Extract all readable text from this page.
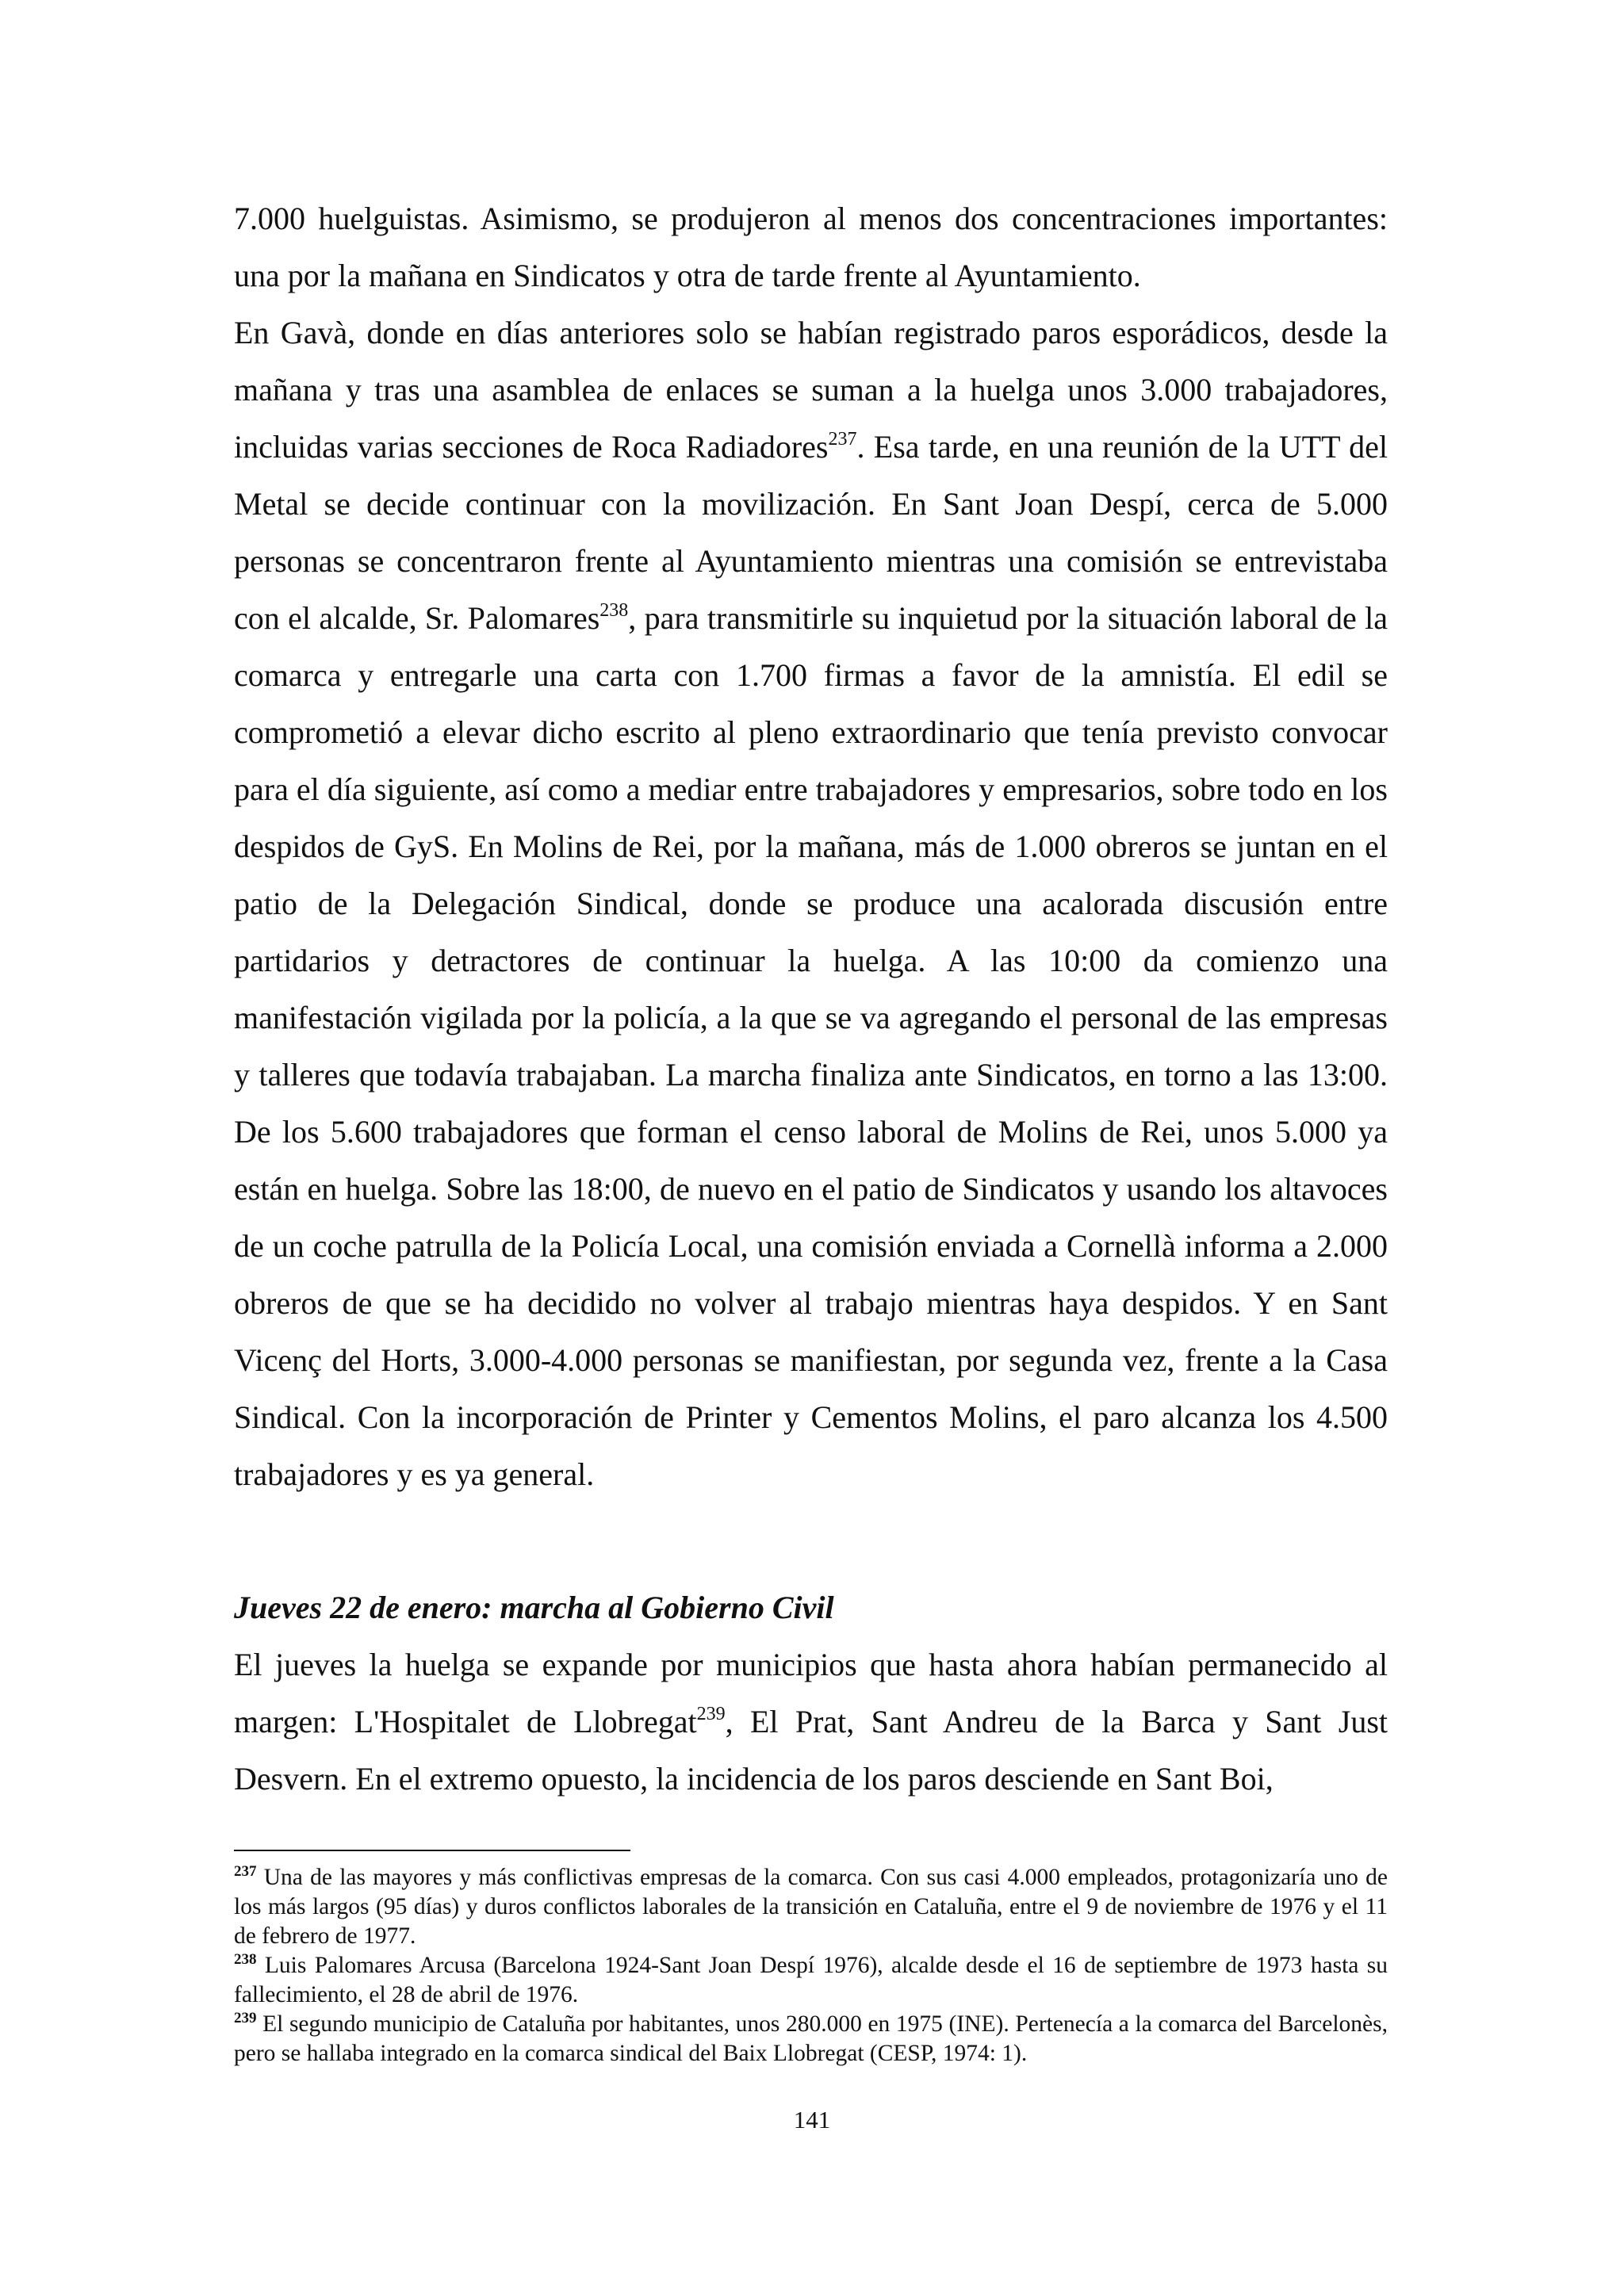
7.000 huelguistas. Asimismo, se produjeron al menos dos concentraciones importantes: una por la mañana en Sindicatos y otra de tarde frente al Ayuntamiento.

En Gavà, donde en días anteriores solo se habían registrado paros esporádicos, desde la mañana y tras una asamblea de enlaces se suman a la huelga unos 3.000 trabajadores, incluidas varias secciones de Roca Radiadores$^{237}$. Esa tarde, en una reunión de la UTT del Metal se decide continuar con la movilización. En Sant Joan Despí, cerca de 5.000 personas se concentraron frente al Ayuntamiento mientras una comisión se entrevistaba con el alcalde, Sr. Palomares$^{238}$, para transmitirle su inquietud por la situación laboral de la comarca y entregarle una carta con 1.700 firmas a favor de la amnistía. El edil se comprometió a elevar dicho escrito al pleno extraordinario que tenía previsto convocar para el día siguiente, así como a mediar entre trabajadores y empresarios, sobre todo en los despidos de GyS. En Molins de Rei, por la mañana, más de 1.000 obreros se juntan en el patio de la Delegación Sindical, donde se produce una acalorada discusión entre partidarios y detractores de continuar la huelga. A las 10:00 da comienzo una manifestación vigilada por la policía, a la que se va agregando el personal de las empresas y talleres que todavía trabajaban. La marcha finaliza ante Sindicatos, en torno a las 13:00. De los 5.600 trabajadores que forman el censo laboral de Molins de Rei, unos 5.000 ya están en huelga. Sobre las 18:00, de nuevo en el patio de Sindicatos y usando los altavoces de un coche patrulla de la Policía Local, una comisión enviada a Cornellà informa a 2.000 obreros de que se ha decidido no volver al trabajo mientras haya despidos. Y en Sant Vicenç del Horts, 3.000-4.000 personas se manifiestan, por segunda vez, frente a la Casa Sindical. Con la incorporación de Printer y Cementos Molins, el paro alcanza los 4.500 trabajadores y es ya general.

Jueves 22 de enero: marcha al Gobierno Civil

El jueves la huelga se expande por municipios que hasta ahora habían permanecido al margen: L'Hospitalet de Llobregat$^{239}$, El Prat, Sant Andreu de la Barca y Sant Just Desvern. En el extremo opuesto, la incidencia de los paros desciende en Sant Boi,

$^{237}$ Una de las mayores y más conflictivas empresas de la comarca. Con sus casi 4.000 empleados, protagonizaría uno de los más largos (95 días) y duros conflictos laborales de la transición en Cataluña, entre el 9 de noviembre de 1976 y el 11 de febrero de 1977.

$^{238}$ Luis Palomares Arcusa (Barcelona 1924-Sant Joan Despí 1976), alcalde desde el 16 de septiembre de 1973 hasta su fallecimiento, el 28 de abril de 1976.

$^{239}$ El segundo municipio de Cataluña por habitantes, unos 280.000 en 1975 (INE). Pertenecía a la comarca del Barcelonès, pero se hallaba integrado en la comarca sindical del Baix Llobregat (CESP, 1974: 1).

141
